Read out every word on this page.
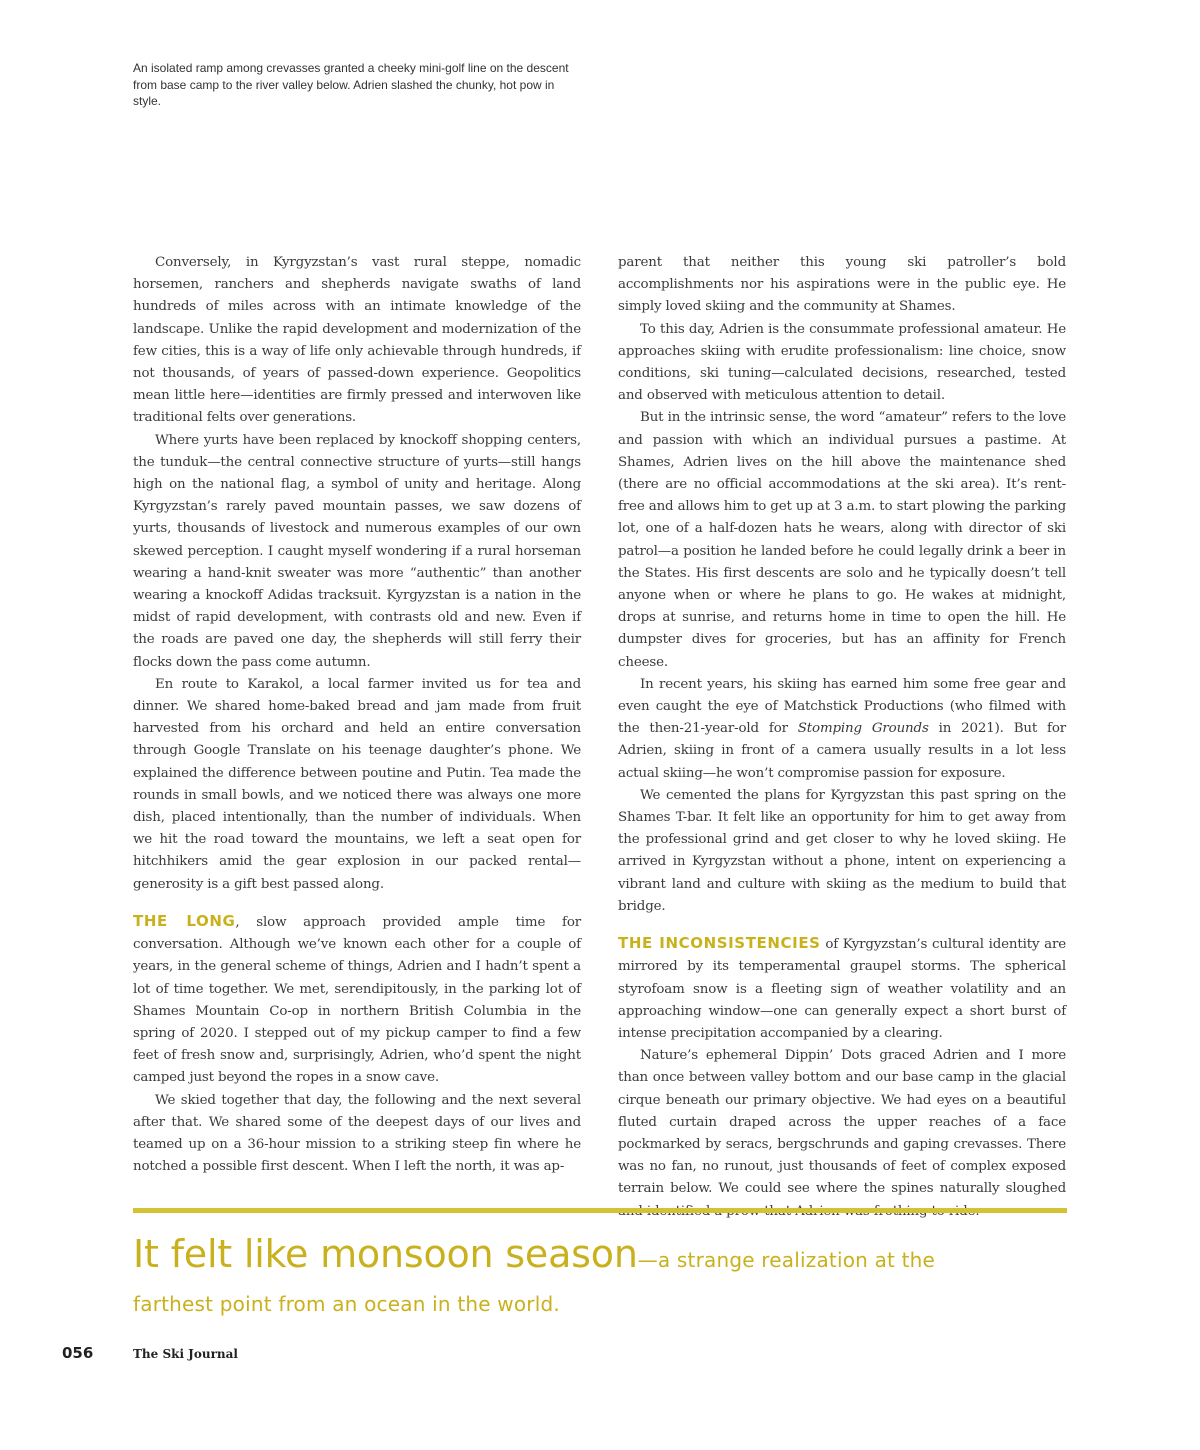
An isolated ramp among crevasses granted a cheeky mini-golf line on the descent from base camp to the river valley below. Adrien slashed the chunky, hot pow in style.

Conversely, in Kyrgyzstan’s vast rural steppe, nomadic horsemen, ranchers and shepherds navigate swaths of land hundreds of miles across with an intimate knowledge of the landscape. Unlike the rapid development and modernization of the few cities, this is a way of life only achievable through hundreds, if not thousands, of years of passed-down experience. Geopolitics mean little here—identities are firmly pressed and interwoven like traditional felts over generations.

Where yurts have been replaced by knockoff shopping centers, the tunduk—the central connective structure of yurts—still hangs high on the national flag, a symbol of unity and heritage. Along Kyrgyzstan’s rarely paved mountain passes, we saw dozens of yurts, thousands of livestock and numerous examples of our own skewed perception. I caught myself wondering if a rural horseman wearing a hand-knit sweater was more “authentic” than another wearing a knockoff Adidas tracksuit. Kyrgyzstan is a nation in the midst of rapid development, with contrasts old and new. Even if the roads are paved one day, the shepherds will still ferry their flocks down the pass come autumn.

En route to Karakol, a local farmer invited us for tea and dinner. We shared home-baked bread and jam made from fruit harvested from his orchard and held an entire conversation through Google Translate on his teenage daughter’s phone. We explained the difference between poutine and Putin. Tea made the rounds in small bowls, and we noticed there was always one more dish, placed intentionally, than the number of individuals. When we hit the road toward the mountains, we left a seat open for hitchhikers amid the gear explosion in our packed rental—generosity is a gift best passed along.

THE LONG, slow approach provided ample time for conversation. Although we’ve known each other for a couple of years, in the general scheme of things, Adrien and I hadn’t spent a lot of time together. We met, serendipitously, in the parking lot of Shames Mountain Co-op in northern British Columbia in the spring of 2020. I stepped out of my pickup camper to find a few feet of fresh snow and, surprisingly, Adrien, who’d spent the night camped just beyond the ropes in a snow cave.

We skied together that day, the following and the next several after that. We shared some of the deepest days of our lives and teamed up on a 36-hour mission to a striking steep fin where he notched a possible first descent. When I left the north, it was ap-

parent that neither this young ski patroller’s bold accomplishments nor his aspirations were in the public eye. He simply loved skiing and the community at Shames.

To this day, Adrien is the consummate professional amateur. He approaches skiing with erudite professionalism: line choice, snow conditions, ski tuning—calculated decisions, researched, tested and observed with meticulous attention to detail.

But in the intrinsic sense, the word “amateur” refers to the love and passion with which an individual pursues a pastime. At Shames, Adrien lives on the hill above the maintenance shed (there are no official accommodations at the ski area). It’s rent-free and allows him to get up at 3 a.m. to start plowing the parking lot, one of a half-dozen hats he wears, along with director of ski patrol—a position he landed before he could legally drink a beer in the States. His first descents are solo and he typically doesn’t tell anyone when or where he plans to go. He wakes at midnight, drops at sunrise, and returns home in time to open the hill. He dumpster dives for groceries, but has an affinity for French cheese.

In recent years, his skiing has earned him some free gear and even caught the eye of Matchstick Productions (who filmed with the then-21-year-old for Stomping Grounds in 2021). But for Adrien, skiing in front of a camera usually results in a lot less actual skiing—he won’t compromise passion for exposure.

We cemented the plans for Kyrgyzstan this past spring on the Shames T-bar. It felt like an opportunity for him to get away from the professional grind and get closer to why he loved skiing. He arrived in Kyrgyzstan without a phone, intent on experiencing a vibrant land and culture with skiing as the medium to build that bridge.

THE INCONSISTENCIES of Kyrgyzstan’s cultural identity are mirrored by its temperamental graupel storms. The spherical styrofoam snow is a fleeting sign of weather volatility and an approaching window—one can generally expect a short burst of intense precipitation accompanied by a clearing.

Nature’s ephemeral Dippin’ Dots graced Adrien and I more than once between valley bottom and our base camp in the glacial cirque beneath our primary objective. We had eyes on a beautiful fluted curtain draped across the upper reaches of a face pockmarked by seracs, bergschrunds and gaping crevasses. There was no fan, no runout, just thousands of feet of complex exposed terrain below. We could see where the spines naturally sloughed

It felt like monsoon season—a strange realization at the
farthest point from an ocean in the world.
056	The Ski Journal
